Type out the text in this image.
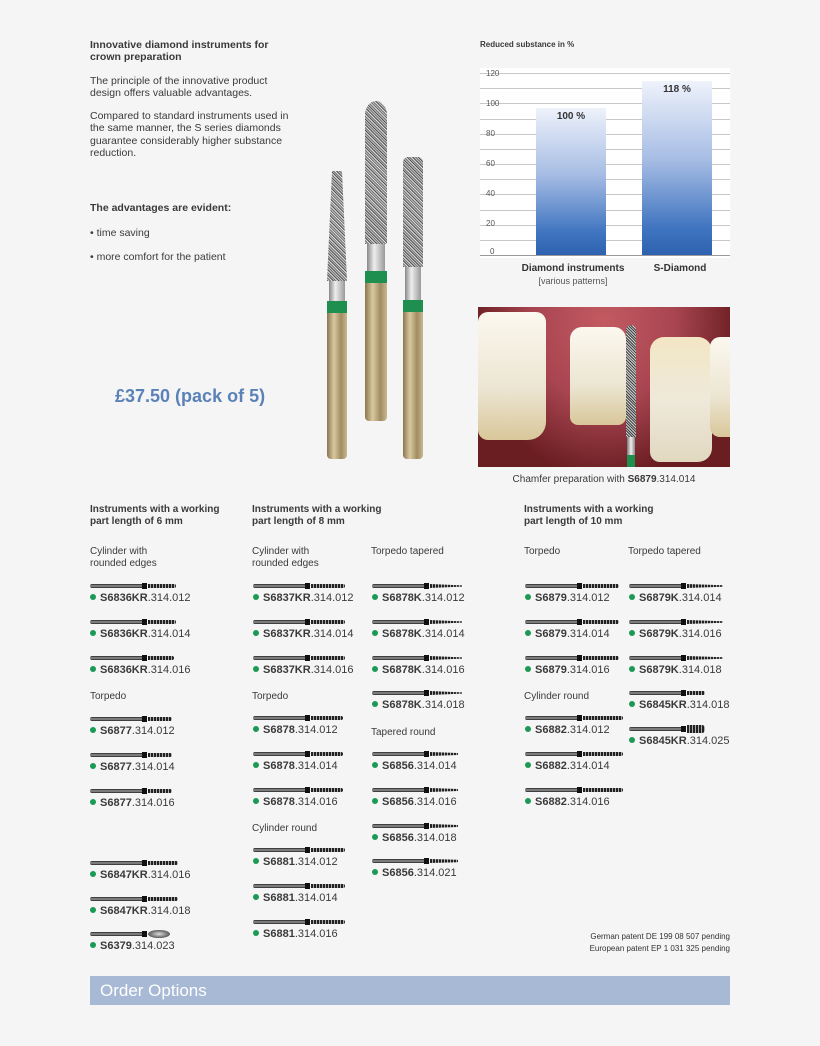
Innovative diamond instruments for crown preparation

The principle of the innovative product design offers valuable advantages.

Compared to standard instruments used in the same manner, the S series diamonds guarantee considerably higher substance reduction.

The advantages are evident:
• time saving
• more comfort for the patient
£37.50 (pack of 5)
Reduced substance in %
120
100
80
60
40
20
0
100 %
118 %
Diamond instruments
[various patterns]
S-Diamond
Chamfer preparation with S6879.314.014
Instruments with a working part length of 6 mm
Instruments with a working part length of 8 mm
Instruments with a working part length of 10 mm
Cylinder with rounded edges
S6836KR.314.012
S6836KR.314.014
S6836KR.314.016
Torpedo
S6877.314.012
S6877.314.014
S6877.314.016
S6847KR.314.016
S6847KR.314.018
S6379.314.023
Cylinder with rounded edges
S6837KR.314.012
S6837KR.314.014
S6837KR.314.016
Torpedo
S6878.314.012
S6878.314.014
S6878.314.016
Cylinder round
S6881.314.012
S6881.314.014
S6881.314.016
Torpedo tapered
S6878K.314.012
S6878K.314.014
S6878K.314.016
S6878K.314.018
Tapered round
S6856.314.014
S6856.314.016
S6856.314.018
S6856.314.021
Torpedo
S6879.314.012
S6879.314.014
S6879.314.016
Cylinder round
S6882.314.012
S6882.314.014
S6882.314.016
Torpedo tapered
S6879K.314.014
S6879K.314.016
S6879K.314.018
S6845KR.314.018
S6845KR.314.025
German patent DE 199 08 507 pending
European patent EP 1 031 325 pending
Order Options
